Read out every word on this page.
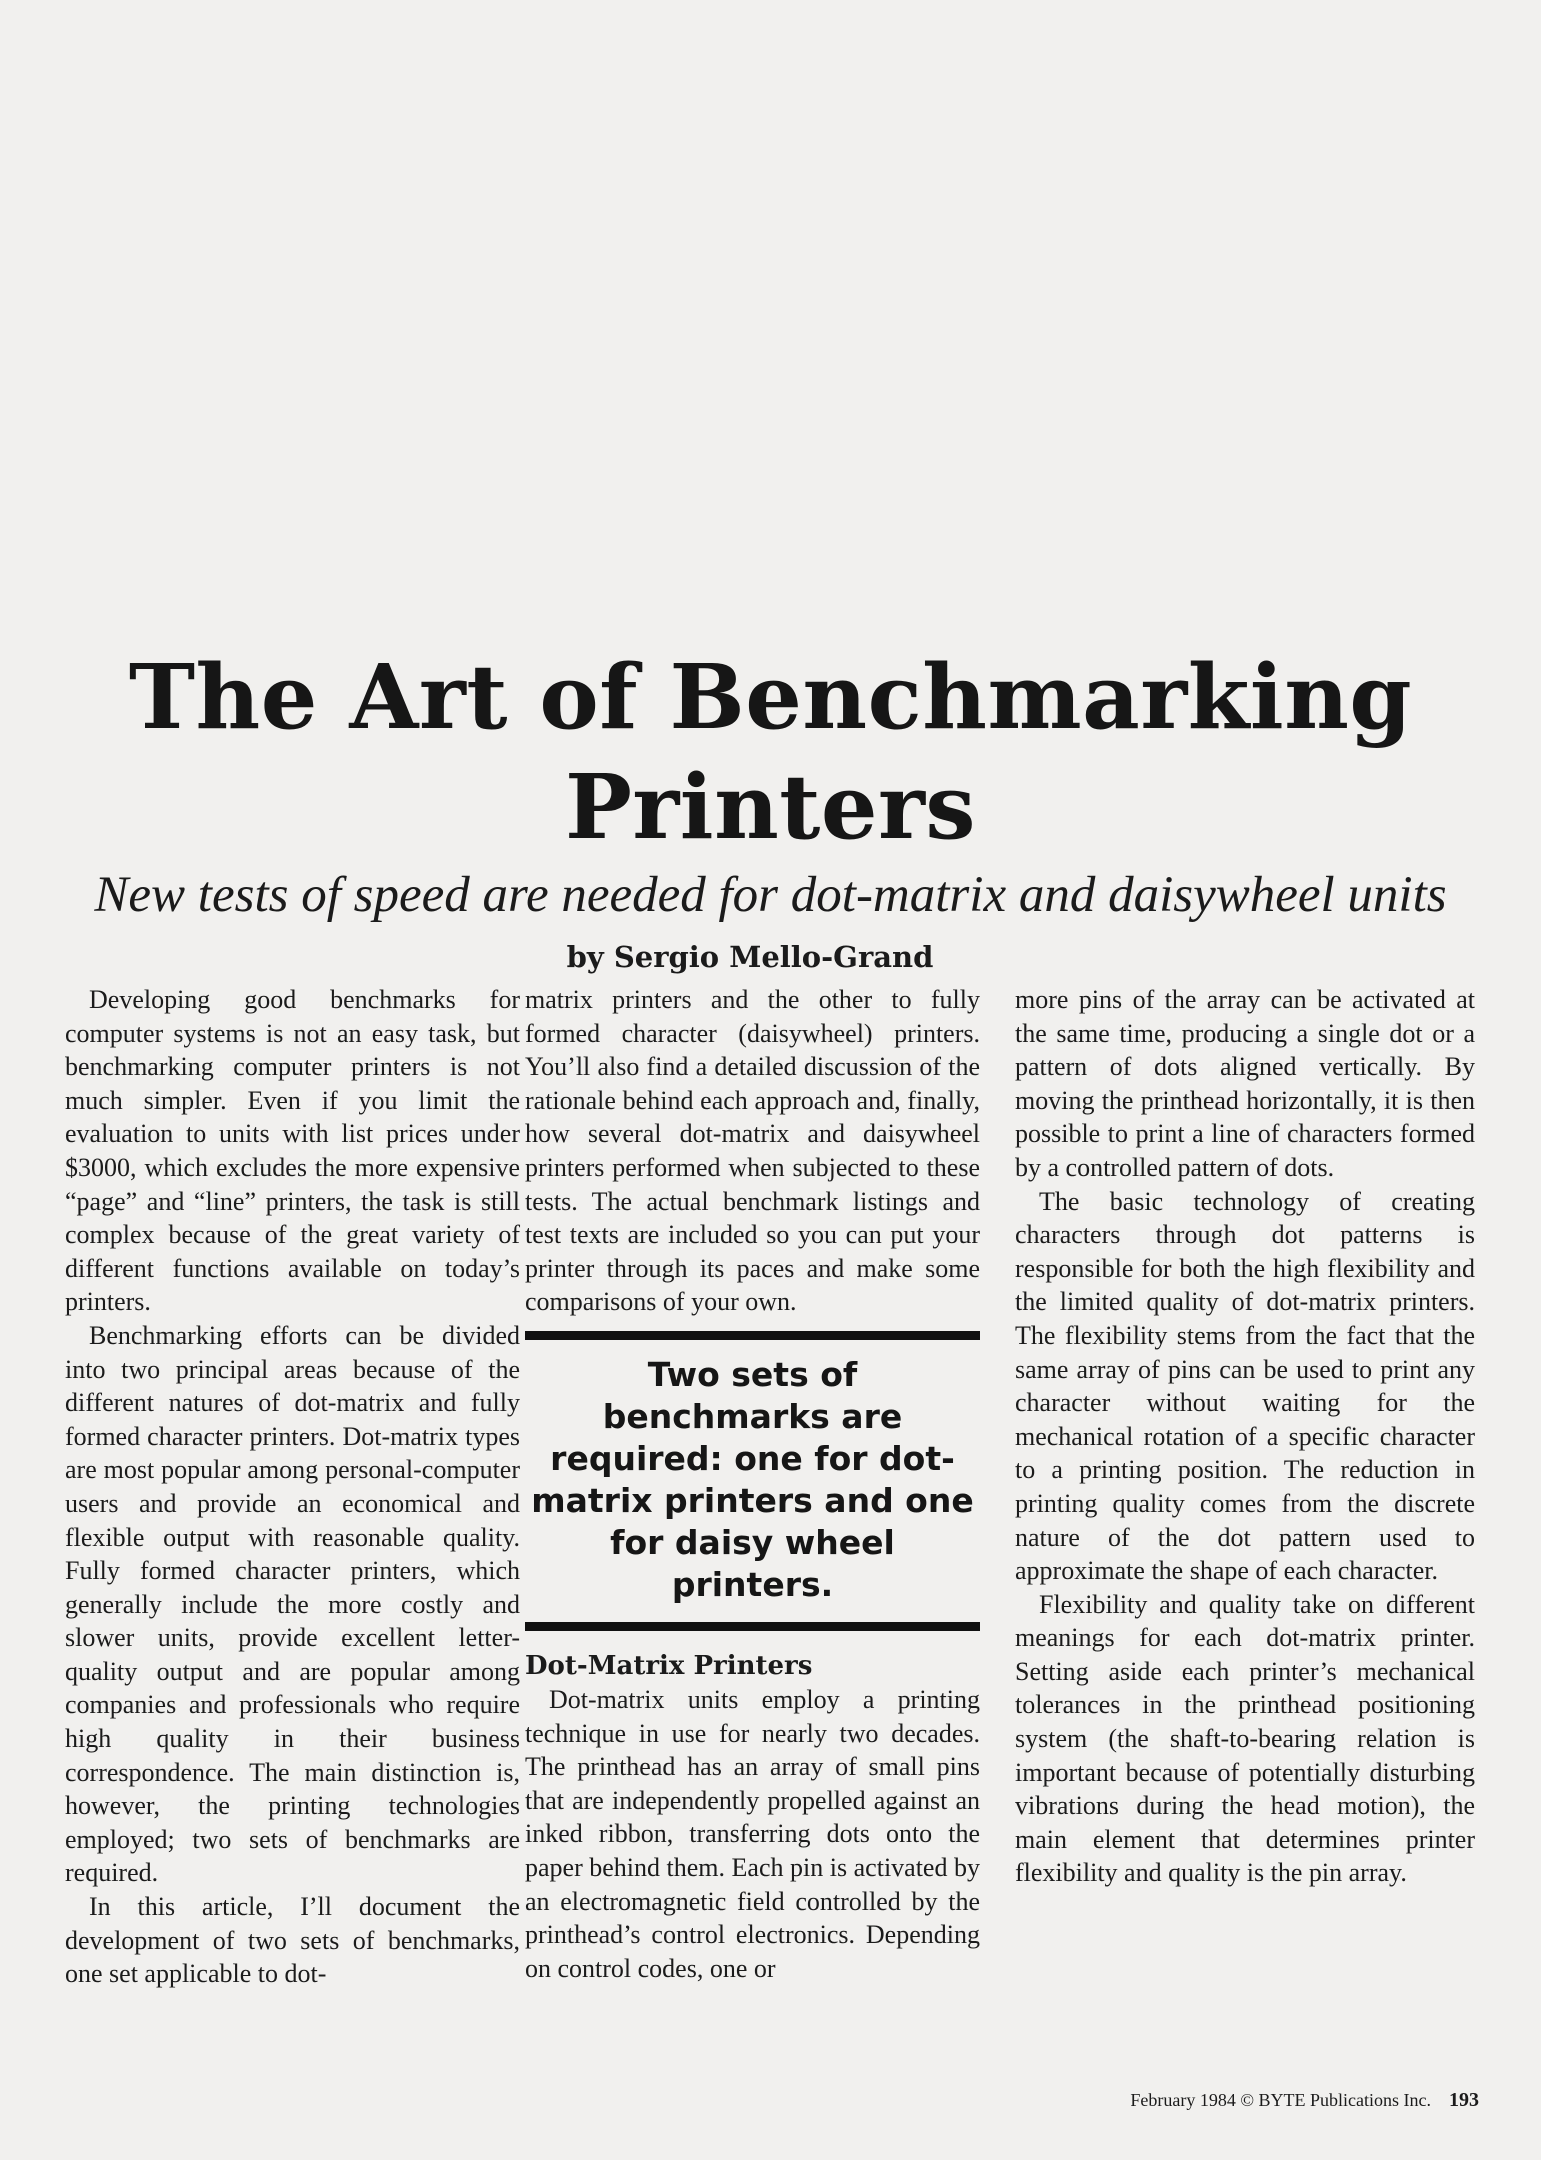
The Art of Benchmarking
Printers
New tests of speed are needed for dot-matrix and daisywheel units
by Sergio Mello-Grand

Developing good benchmarks for computer systems is not an easy task, but benchmarking computer printers is not much simpler. Even if you limit the evaluation to units with list prices under $3000, which excludes the more expensive “page” and “line” printers, the task is still complex because of the great variety of different functions available on today’s printers.

Benchmarking efforts can be divided into two principal areas because of the different natures of dot-matrix and fully formed character printers. Dot-matrix types are most popular among personal-computer users and provide an economical and flexible output with reasonable quality. Fully formed character printers, which generally include the more costly and slower units, provide excellent letter-quality output and are popular among companies and professionals who require high quality in their business correspondence. The main distinction is, however, the printing technologies employed; two sets of benchmarks are required.

In this article, I’ll document the development of two sets of benchmarks, one set applicable to dot-

matrix printers and the other to fully formed character (daisywheel) printers. You’ll also find a detailed discussion of the rationale behind each approach and, finally, how several dot-matrix and daisywheel printers performed when subjected to these tests. The actual benchmark listings and test texts are included so you can put your printer through its paces and make some comparisons of your own.

Two sets of benchmarks are required: one for dot-matrix printers and one for daisy wheel printers.
Dot-Matrix Printers

Dot-matrix units employ a printing technique in use for nearly two decades. The printhead has an array of small pins that are independently propelled against an inked ribbon, transferring dots onto the paper behind them. Each pin is activated by an electromagnetic field controlled by the printhead’s control electronics. Depending on control codes, one or

more pins of the array can be activated at the same time, producing a single dot or a pattern of dots aligned vertically. By moving the printhead horizontally, it is then possible to print a line of characters formed by a controlled pattern of dots.

The basic technology of creating characters through dot patterns is responsible for both the high flexibility and the limited quality of dot-matrix printers. The flexibility stems from the fact that the same array of pins can be used to print any character without waiting for the mechanical rotation of a specific character to a printing position. The reduction in printing quality comes from the discrete nature of the dot pattern used to approximate the shape of each character.

Flexibility and quality take on different meanings for each dot-matrix printer. Setting aside each printer’s mechanical tolerances in the printhead positioning system (the shaft-to-bearing relation is important because of potentially disturbing vibrations during the head motion), the main element that determines printer flexibility and quality is the pin array.

February 1984 © BYTE Publications Inc. 193
